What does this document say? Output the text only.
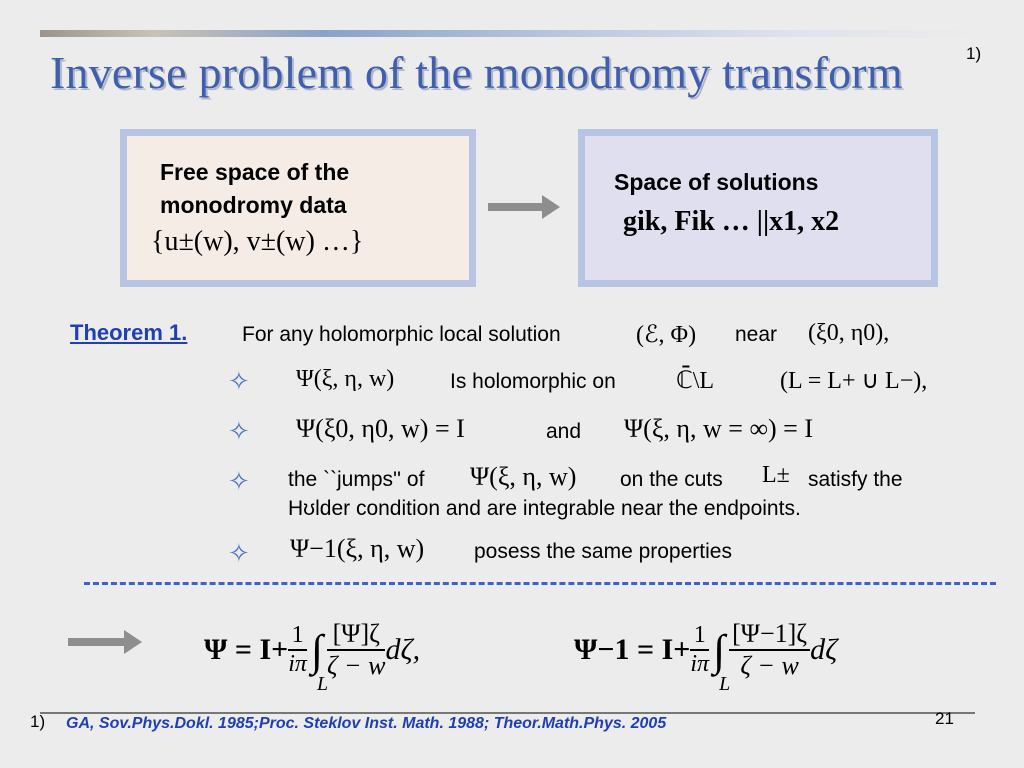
Inverse problem of the monodromy transform	1)
Free space of the
monodromy data
{u±(w), v±(w) …}
Space of solutions
gik, Fik … ||x1, x2
Theorem 1.	For any holomorphic local solution	(ℰ, Φ) near (ξ0, η0),
✧ Ψ(ξ, η, w)	Is holomorphic on	ℂ̄\L	(L = L+ ∪ L−),
✧ Ψ(ξ0, η0, w) = I	and Ψ(ξ, η, w = ∞) = I
✧ the ``jumps'' of Ψ(ξ, η, w) on the cuts L± satisfy the
Hʊlder condition and are integrable near the endpoints.
✧ Ψ−1(ξ, η, w) posess the same properties
$\Psi = I+ \frac{1}{i\pi}$ ∫
L
$\frac{[\Psi]\zeta}{\zeta - w} d\zeta$,	$\Psi-1 = I+ \frac{1}{i\pi}$ ∫
L
$\frac{[\Psi-1]\zeta}{\zeta - w}$ dζ
1) GA, Sov.Phys.Dokl. 1985;Proc. Steklov Inst. Math. 1988; Theor.Math.Phys. 2005	21
